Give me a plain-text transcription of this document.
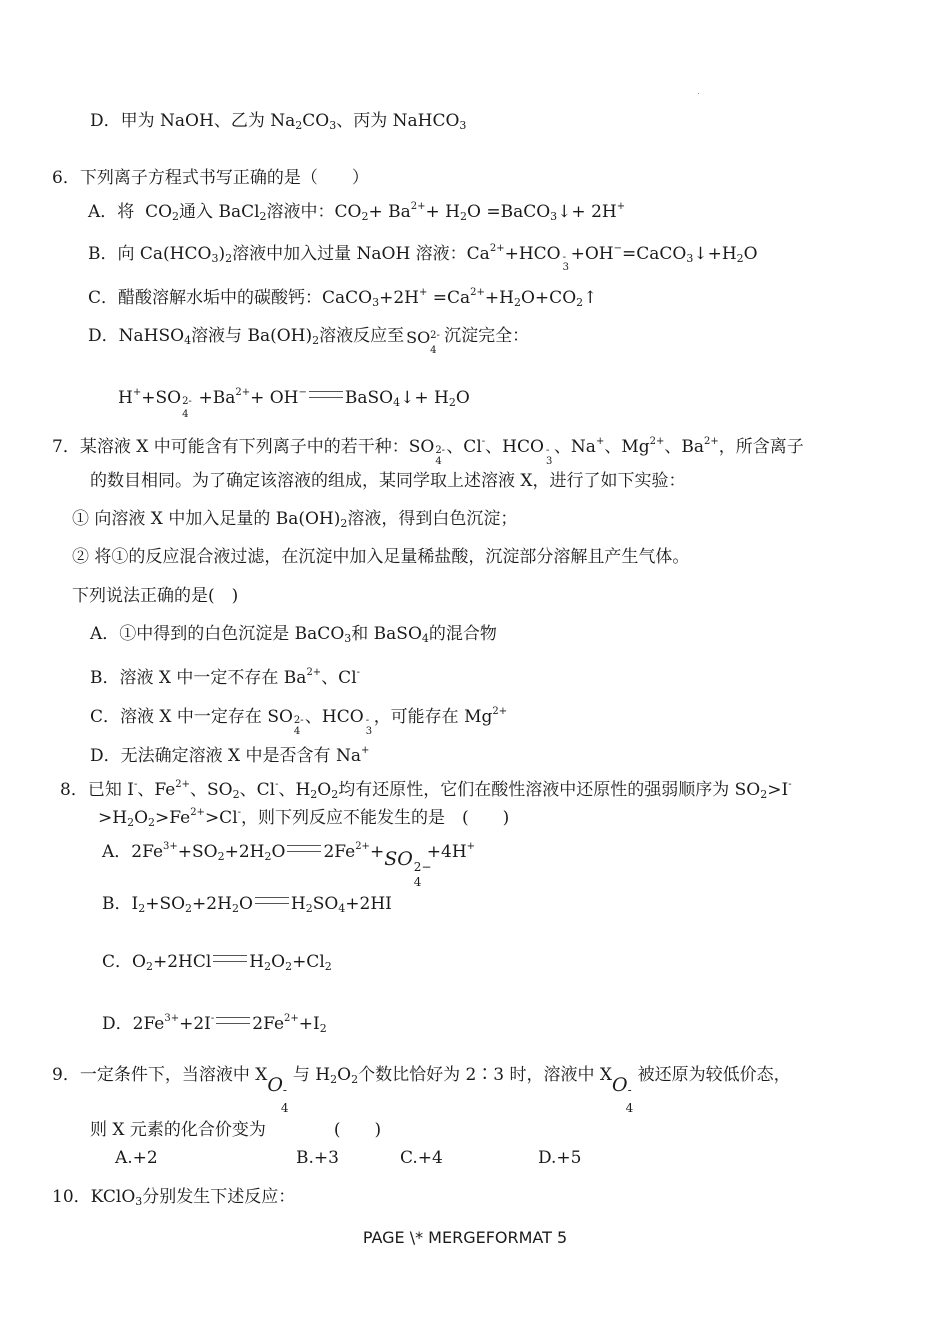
D．甲为 NaOH、乙为 $Na_2CO_3$、丙为 NaHCO$_3$
6．下列离子方程式书写正确的是（　　）
A．将 $CO_2$通入 BaCl$_2$溶液中：$CO_2+ Ba^{2+}+ H_2O$ =BaCO$_3$↓+ 2H+
B．向 $Ca(HCO_3)_2$溶液中加入过量 NaOH 溶液：$Ca^{2+}+HCO$ -
3
$+OH^-=CaCO_3↓+H_2O$
C．醋酸溶解水垢中的碳酸钙：CaCO$_3$+2H+ $=Ca^{2+}+H_2O+CO_2↑$
D．NaHSO$_4$溶液与 $Ba(OH)_2$溶液反应至 SO 2-
4
沉淀完全：
H++SO 2-
4
$+Ba^{2+}+ OH^-$ BaSO$_4$↓+ $H_2O$
7．某溶液 X 中可能含有下列离子中的若干种：SO 2-
4
、Cl-、HCO -
3
、Na+、$Mg^{2+}$、$Ba^{2+}$，所含离子
的数目相同。为了确定该溶液的组成，某同学取上述溶液 X，进行了如下实验：
① 向溶液 X 中加入足量的 $Ba(OH)_2$溶液，得到白色沉淀；
② 将①的反应混合液过滤，在沉淀中加入足量稀盐酸，沉淀部分溶解且产生气体。
下列说法正确的是(　)
A．①中得到的白色沉淀是 BaCO$_3$和 BaSO$_4$的混合物
B．溶液 X 中一定不存在 $Ba^{2+}$、Cl-
C．溶液 X 中一定存在 SO 2-
4
、HCO -
3
，可能存在 $Mg^{2+}$
D．无法确定溶液 X 中是否含有 Na+
8．已知 I-、$Fe^{2+}$、$SO_2$、Cl-、$H_2O_2$均有还原性，它们在酸性溶液中还原性的强弱顺序为 $SO_2>I^-$
$>H_2O_2>Fe^{2+}>Cl^-$，则下列反应不能发生的是　(　　)
A．$2Fe^{3+}+SO_2+2H_2O$ $2Fe^{2+}+SO$ 2−
4
+4H+
B．$I_2+SO_2+2H_2O$ $H_2SO_4+2HI$
C．$O_2+2HCl$ $H_2O_2+Cl_2$
D．$2Fe^{3+}+2I^-$ $2Fe^{2+}+I_2$
9．一定条件下，当溶液中 XO -
4
与 $H_2O_2$个数比恰好为 2∶3 时，溶液中 XO -
4
被还原为较低价态，
则 X 元素的化合价变为　　　　(　　)
A.+2	B.+3	C.+4	D.+5
10．KClO$_3$分别发生下述反应：
PAGE \* MERGEFORMAT 5
